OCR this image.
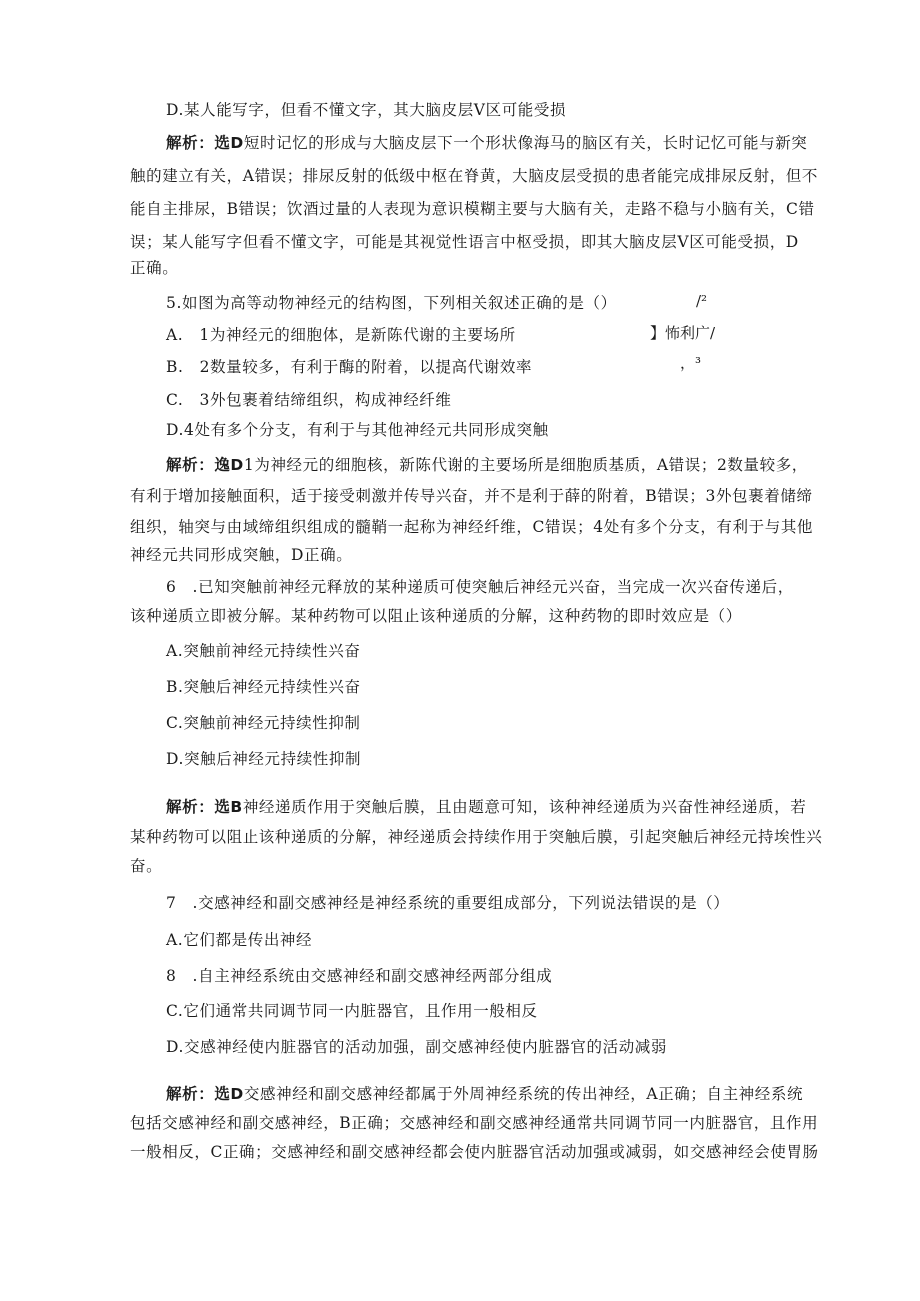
D.某人能写字，但看不懂文字，其大脑皮层V区可能受损
解析：选D短时记忆的形成与大脑皮层下一个形状像海马的脑区有关，长时记忆可能与新突
触的建立有关，A错误；排尿反射的低级中枢在脊黄，大脑皮层受损的患者能完成排尿反射，但不
能自主排尿，B错误；饮酒过量的人表现为意识模糊主要与大脑有关，走路不稳与小脑有关，C错
误；某人能写字但看不懂文字，可能是其视觉性语言中枢受损，即其大脑皮层V区可能受损，D
正确。
5.如图为高等动物神经元的结构图，下列相关叙述正确的是（）	/²
】怖利广/
，³
A.　1为神经元的细胞体，是新陈代谢的主要场所
B.　2数量较多，有利于酶的附着，以提高代谢效率
C.　3外包裹着结缔组织，构成神经纤维
D.4处有多个分支，有利于与其他神经元共同形成突触
解析：逸D1为神经元的细胞核，新陈代谢的主要场所是细胞质基质，A错误；2数量较多，
有利于增加接触面积，适于接受刺激并传导兴奋，并不是利于薛的附着，B错误；3外包裹着储缔
组织，轴突与由域缔组织组成的髓鞘一起称为神经纤维，C错误；4处有多个分支，有利于与其他
神经元共同形成突触，D正确。
6　.已知突触前神经元释放的某种递质可使突触后神经元兴奋，当完成一次兴奋传递后，
该种递质立即被分解。某种药物可以阻止该种递质的分解，这种药物的即时效应是（）
A.突触前神经元持续性兴奋
B.突触后神经元持续性兴奋
C.突触前神经元持续性抑制
D.突触后神经元持续性抑制
解析：选B神经递质作用于突触后膜，且由题意可知，该种神经递质为兴奋性神经递质，若
某种药物可以阻止该种递质的分解，神经递质会持续作用于突触后膜，引起突触后神经元持埃性兴
奋。
7　.交感神经和副交感神经是神经系统的重要组成部分，下列说法错误的是（）
A.它们都是传出神经
8　.自主神经系统由交感神经和副交感神经两部分组成
C.它们通常共同调节同一内脏器官，且作用一般相反
D.交感神经使内脏器官的活动加强，副交感神经使内脏器官的活动减弱
解析：选D交感神经和副交感神经都属于外周神经系统的传出神经，A正确；自主神经系统
包括交感神经和副交感神经，B正确；交感神经和副交感神经通常共同调节同一内脏器官，且作用
一般相反，C正确；交感神经和副交感神经都会使内脏器官活动加强或减弱，如交感神经会使胃肠
